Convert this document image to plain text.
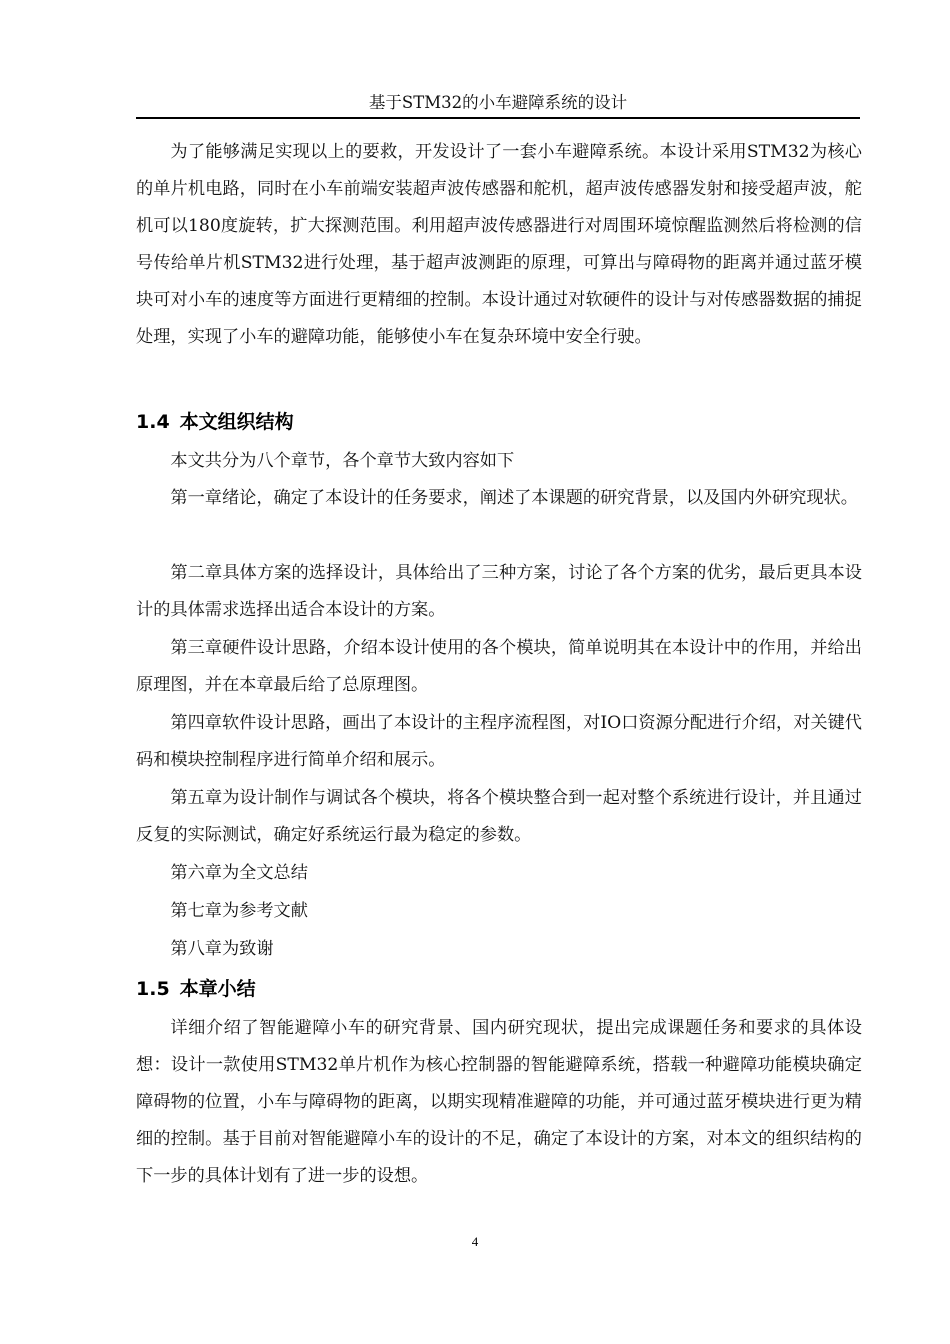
基于STM32的小车避障系统的设计

为了能够满足实现以上的要救，开发设计了一套小车避障系统。本设计采用STM32为核心的单片机电路，同时在小车前端安装超声波传感器和舵机，超声波传感器发射和接受超声波，舵机可以180度旋转，扩大探测范围。利用超声波传感器进行对周围环境惊醒监测然后将检测的信号传给单片机STM32进行处理，基于超声波测距的原理，可算出与障碍物的距离并通过蓝牙模块可对小车的速度等方面进行更精细的控制。本设计通过对软硬件的设计与对传感器数据的捕捉处理，实现了小车的避障功能，能够使小车在复杂环境中安全行驶。

1.4 本文组织结构

本文共分为八个章节，各个章节大致内容如下

第一章绪论，确定了本设计的任务要求，阐述了本课题的研究背景，以及国内外研究现状。

第二章具体方案的选择设计，具体给出了三种方案，讨论了各个方案的优劣，最后更具本设计的具体需求选择出适合本设计的方案。

第三章硬件设计思路，介绍本设计使用的各个模块，简单说明其在本设计中的作用，并给出原理图，并在本章最后给了总原理图。

第四章软件设计思路，画出了本设计的主程序流程图，对IO口资源分配进行介绍，对关键代码和模块控制程序进行简单介绍和展示。

第五章为设计制作与调试各个模块，将各个模块整合到一起对整个系统进行设计，并且通过反复的实际测试，确定好系统运行最为稳定的参数。

第六章为全文总结

第七章为参考文献

第八章为致谢

1.5 本章小结

详细介绍了智能避障小车的研究背景、国内研究现状，提出完成课题任务和要求的具体设想：设计一款使用STM32单片机作为核心控制器的智能避障系统，搭载一种避障功能模块确定障碍物的位置，小车与障碍物的距离，以期实现精准避障的功能，并可通过蓝牙模块进行更为精细的控制。基于目前对智能避障小车的设计的不足，确定了本设计的方案，对本文的组织结构的下一步的具体计划有了进一步的设想。

4
